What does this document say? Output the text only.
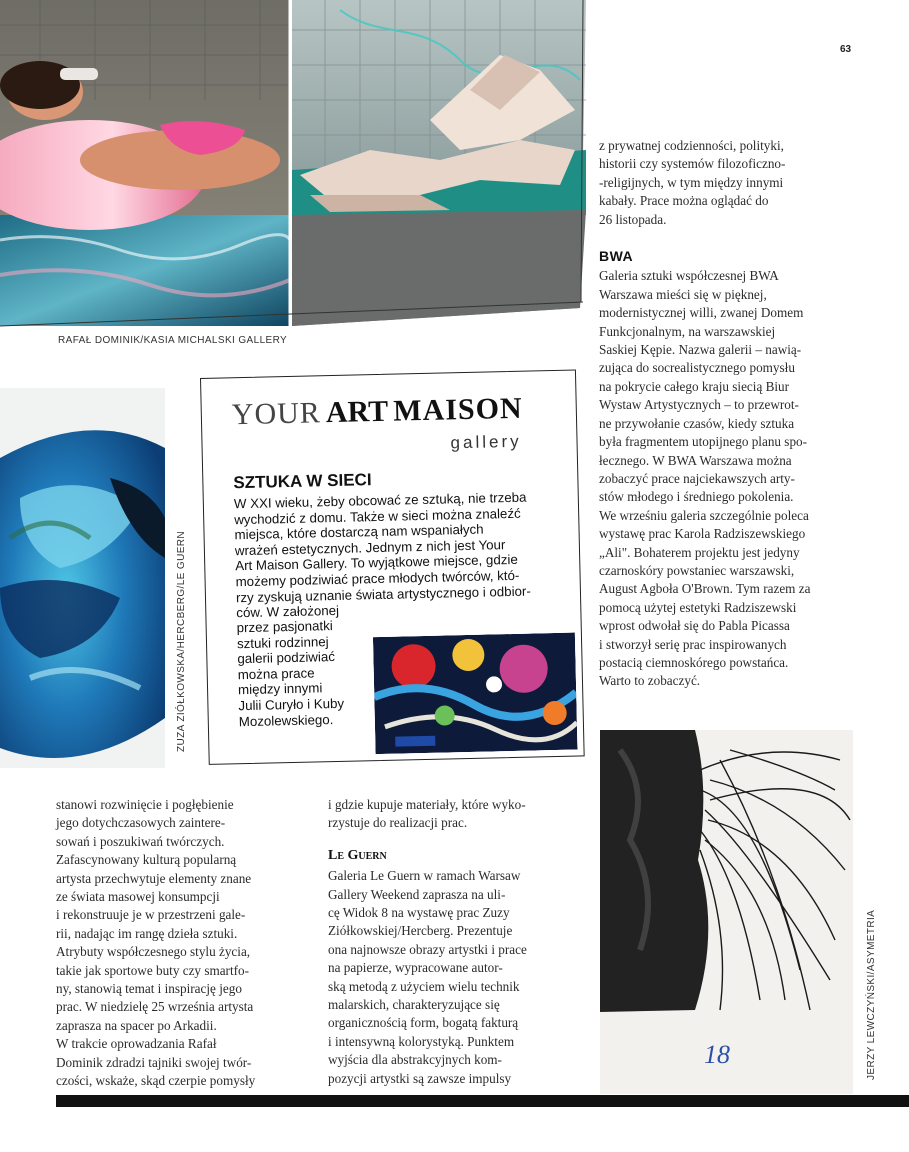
63
RAFAŁ DOMINIK/KASIA MICHALSKI GALLERY

z prywatnej codzienności, polityki,
historii czy systemów filozoficzno-
-religijnych, w tym między innymi
kabały. Prace można oglądać do
26 listopada.

BWA

Galeria sztuki współczesnej BWA
Warszawa mieści się w pięknej,
modernistycznej willi, zwanej Domem
Funkcjonalnym, na warszawskiej
Saskiej Kępie. Nazwa galerii – nawią-
zująca do socrealistycznego pomysłu
na pokrycie całego kraju siecią Biur
Wystaw Artystycznych – to przewrot-
ne przywołanie czasów, kiedy sztuka
była fragmentem utopijnego planu spo-
łecznego. W BWA Warszawa można
zobaczyć prace najciekawszych arty-
stów młodego i średniego pokolenia.
We wrześniu galeria szczególnie poleca
wystawę prac Karola Radziszewskiego
„Ali". Bohaterem projektu jest jedyny
czarnoskóry powstaniec warszawski,
August Agboła O'Brown. Tym razem za
pomocą użytej estetyki Radziszewski
wprost odwołał się do Pabla Picassa
i stworzył serię prac inspirowanych
postacią ciemnoskórego powstańca.
Warto to zobaczyć.

ZUZA ZIÓŁKOWSKA/HERCBERG/LE GUERN
YOUR ART MAISON
gallery
SZTUKA W SIECI
W XXI wieku, żeby obcować ze sztuką, nie trzeba
wychodzić z domu. Także w sieci można znaleźć
miejsca, które dostarczą nam wspaniałych
wrażeń estetycznych. Jednym z nich jest Your
Art Maison Gallery. To wyjątkowe miejsce, gdzie
możemy podziwiać prace młodych twórców, któ-
rzy zyskują uznanie świata artystycznego i odbior-
ców. W założonej
przez pasjonatki
sztuki rodzinnej
galerii podziwiać
można prace
między innymi
Julii Curyło i Kuby
Mozolewskiego.

stanowi rozwinięcie i pogłębienie
jego dotychczasowych zaintere-
sowań i poszukiwań twórczych.
Zafascynowany kulturą popularną
artysta przechwytuje elementy znane
ze świata masowej konsumpcji
i rekonstruuje je w przestrzeni gale-
rii, nadając im rangę dzieła sztuki.
Atrybuty współczesnego stylu życia,
takie jak sportowe buty czy smartfo-
ny, stanowią temat i inspirację jego
prac. W niedzielę 25 września artysta
zaprasza na spacer po Arkadii.
W trakcie oprowadzania Rafał
Dominik zdradzi tajniki swojej twór-
czości, wskaże, skąd czerpie pomysły

i gdzie kupuje materiały, które wyko-
rzystuje do realizacji prac.

Le Guern

Galeria Le Guern w ramach Warsaw
Gallery Weekend zaprasza na uli-
cę Widok 8 na wystawę prac Zuzy
Ziółkowskiej/Hercberg. Prezentuje
ona najnowsze obrazy artystki i prace
na papierze, wypracowane autor-
ską metodą z użyciem wielu technik
malarskich, charakteryzujące się
organicznością form, bogatą fakturą
i intensywną kolorystyką. Punktem
wyjścia dla abstrakcyjnych kom-
pozycji artystki są zawsze impulsy

18	JERZY LEWCZYŃSKI/ASYMETRIA
